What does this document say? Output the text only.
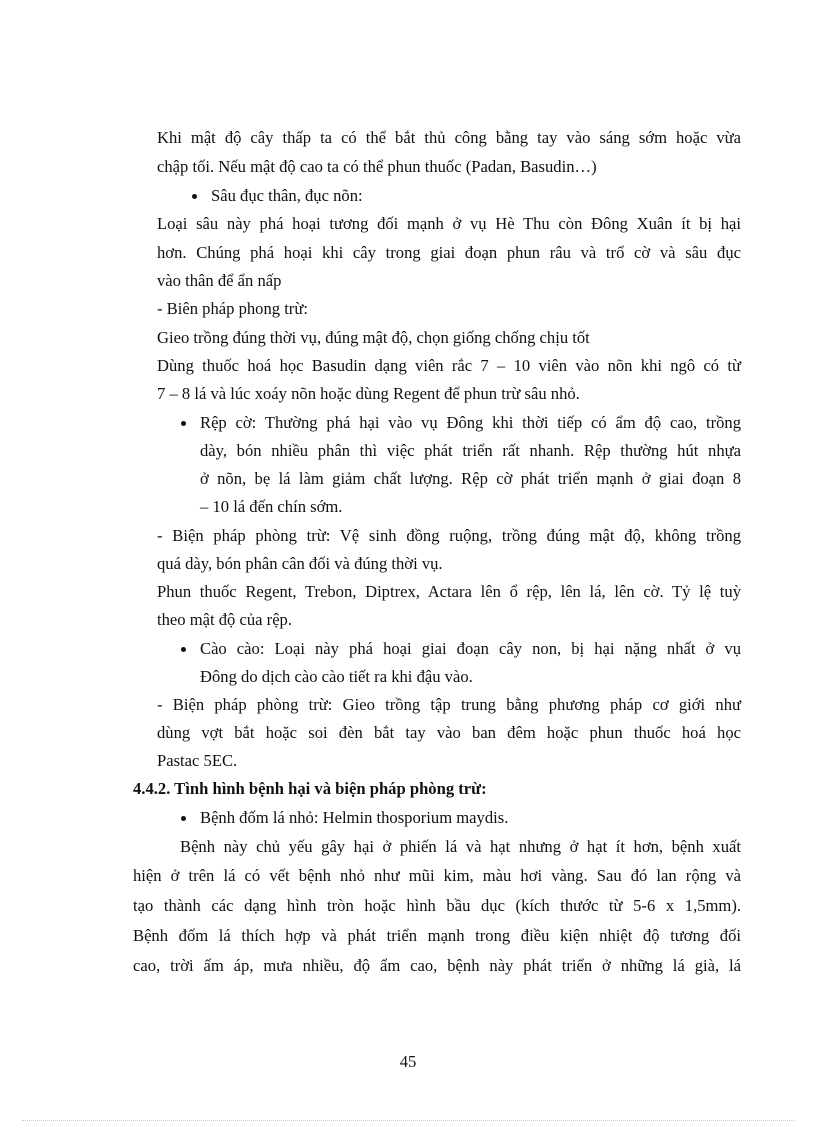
Khi mật độ cây thấp ta có thể bắt thủ công bằng tay vào sáng sớm hoặc vừa
chập tối. Nếu mật độ cao ta có thể phun thuốc (Padan, Basudin…)
Sâu đục thân, đục nõn:
Loại sâu này phá hoại tương đối mạnh ở vụ Hè Thu còn Đông Xuân ít bị hại
hơn. Chúng phá hoại khi cây trong giai đoạn phun râu và trổ cờ và sâu đục
vào thân để ẩn nấp
- Biên pháp phong trừ:
Gieo trồng đúng thời vụ, đúng mật độ, chọn giống chống chịu tốt
Dùng thuốc hoá học Basudin dạng viên rắc 7 – 10 viên vào nõn khi ngô có từ
7 – 8 lá và lúc xoáy nõn hoặc dùng Regent để phun trừ sâu nhỏ.
Rệp cờ: Thường phá hại vào vụ Đông khi thời tiếp có ẩm độ cao, trồng
dày, bón nhiều phân thì việc phát triển rất nhanh. Rệp thường hút nhựa
ở nõn, bẹ lá làm giảm chất lượng. Rệp cờ phát triển mạnh ở giai đoạn 8
– 10 lá đến chín sớm.
- Biện pháp phòng trừ: Vệ sinh đồng ruộng, trồng đúng mật độ, không trồng
quá dày, bón phân cân đối và đúng thời vụ.
Phun thuốc Regent, Trebon, Diptrex, Actara lên ổ rệp, lên lá, lên cờ. Tỷ lệ tuỳ
theo mật độ của rệp.
Cào cào: Loại này phá hoại giai đoạn cây non, bị hại nặng nhất ở vụ
Đông do dịch cào cào tiết ra khi đậu vào.
- Biện pháp phòng trừ: Gieo trồng tập trung bằng phương pháp cơ giới như
dùng vợt bắt hoặc soi đèn bắt tay vào ban đêm hoặc phun thuốc hoá học
Pastac 5EC.
4.4.2. Tình hình bệnh hại và biện pháp phòng trừ:
Bệnh đốm lá nhỏ: Helmin thosporium maydis.
Bệnh này chủ yếu gây hại ở phiến lá và hạt nhưng ở hạt ít hơn, bệnh xuất
hiện ở trên lá có vết bệnh nhỏ như mũi kim, màu hơi vàng. Sau đó lan rộng và
tạo thành các dạng hình tròn hoặc hình bầu dục (kích thước từ 5-6 x 1,5mm).
Bệnh đốm lá thích hợp và phát triển mạnh trong điều kiện nhiệt độ tương đối
cao, trời ấm áp, mưa nhiều, độ ẩm cao, bệnh này phát triển ở những lá già, lá
45
